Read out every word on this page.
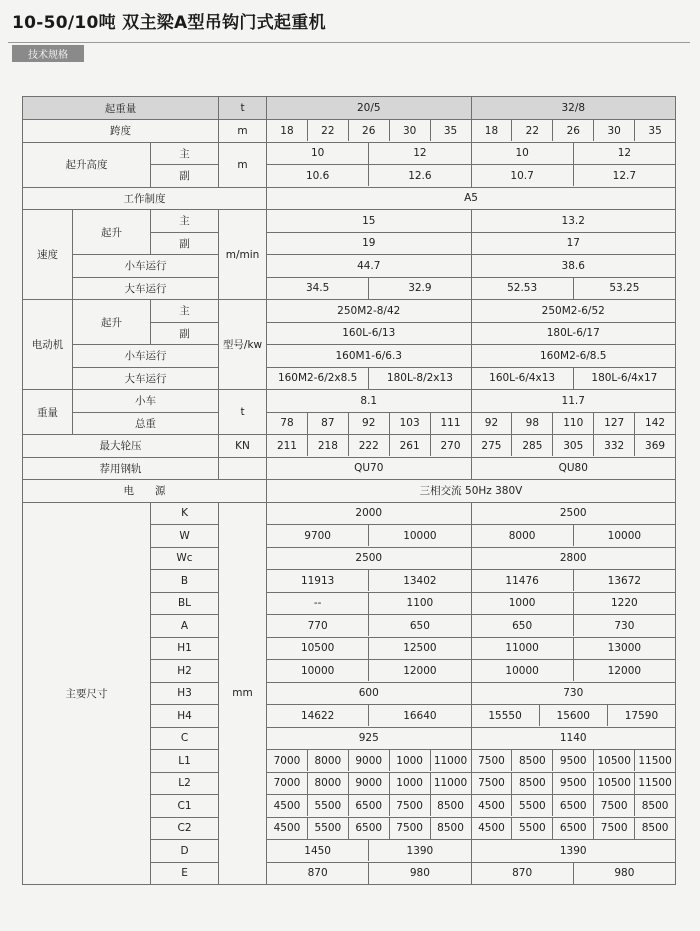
10-50/10吨 双主梁A型吊钩门式起重机
技术规格
起重量			t	20/5	32/8
跨度			m	18 22 26 30 35	18 22 26 30 35

起升高度		主	m	10 12	10 12

		副		10.6 12.6	10.7 12.7

工作制度				A5	
速度	起升	主	m/min	15	13.2

		副		19	17

	小车运行			44.7	38.6

	大车运行			34.5 32.9	52.53 53.25

电动机	起升	主	型号/kw	250M2-8/42	250M2-6/52

		副		160L-6/13	180L-6/17

	小车运行			160M1-6/6.3	160M2-6/8.5

	大车运行			160M2-6/2x8.5 180L-8/2x13	160L-6/4x13 180L-6/4x17

重量	小车		t	8.1	11.7

	总重			78 87 92 103 111	92 98 110 127 142

最大轮压			KN	211 218 222 261 270	275 285 305 332 369

荐用钢轨				QU70	QU80

电　　源				三相交流 50Hz 380V	
主要尺寸		K	mm	2000	2500

		W		9700 10000	8000 10000

		Wc		2500	2800

		B		11913 13402	11476 13672

		BL		-- 1100	1000 1220

		A		770 650	650 730

		H1		10500 12500	11000 13000

		H2		10000 12000	10000 12000

		H3		600	730

		H4		14622 16640	15550 15600 17590

		C		925	1140

		L1		7000 8000 9000 1000 11000	7500 8500 9500 10500 11500

		L2		7000 8000 9000 1000 11000	7500 8500 9500 10500 11500

		C1		4500 5500 6500 7500 8500	4500 5500 6500 7500 8500

		C2		4500 5500 6500 7500 8500	4500 5500 6500 7500 8500

		D		1450 1390	1390

		E		870 980	870 980
